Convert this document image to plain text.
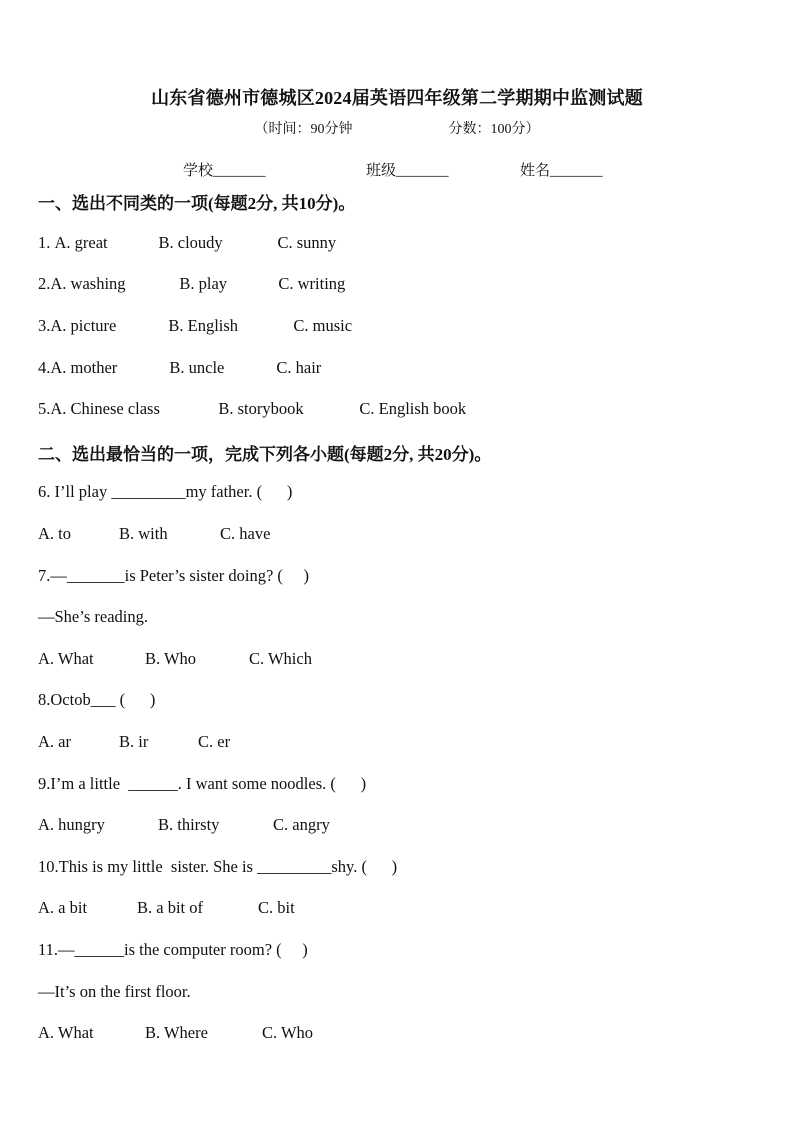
山东省德州市德城区2024届英语四年级第二学期期中监测试题
（时间：90分钟	分数：100分）
学校_______	班级_______	姓名_______
一、选出不同类的一项(每题2分, 共10分)。
1. A. great	B. cloudy	C. sunny
2.A. washing	B. play	C. writing
3.A. picture	B. English	C. music
4.A. mother	B. uncle	C. hair
5.A. Chinese class	B. storybook	C. English book
二、选出最恰当的一项，完成下列各小题(每题2分, 共20分)。
6. I’ll play _________my father. (      )
A. to	B. with	C. have
7.—_______is Peter’s sister doing? (     )
—She’s reading.
A. What	B. Who	C. Which
8.Octob___ (      )
A. ar	B. ir	C. er
9.I’m a little  ______. I want some noodles. (      )
A. hungry	B. thirsty	C. angry
10.This is my little  sister. She is _________shy. (      )
A. a bit	B. a bit of	C. bit
11.—______is the computer room? (     )
—It’s on the first floor.
A. What	B. Where	C. Who
